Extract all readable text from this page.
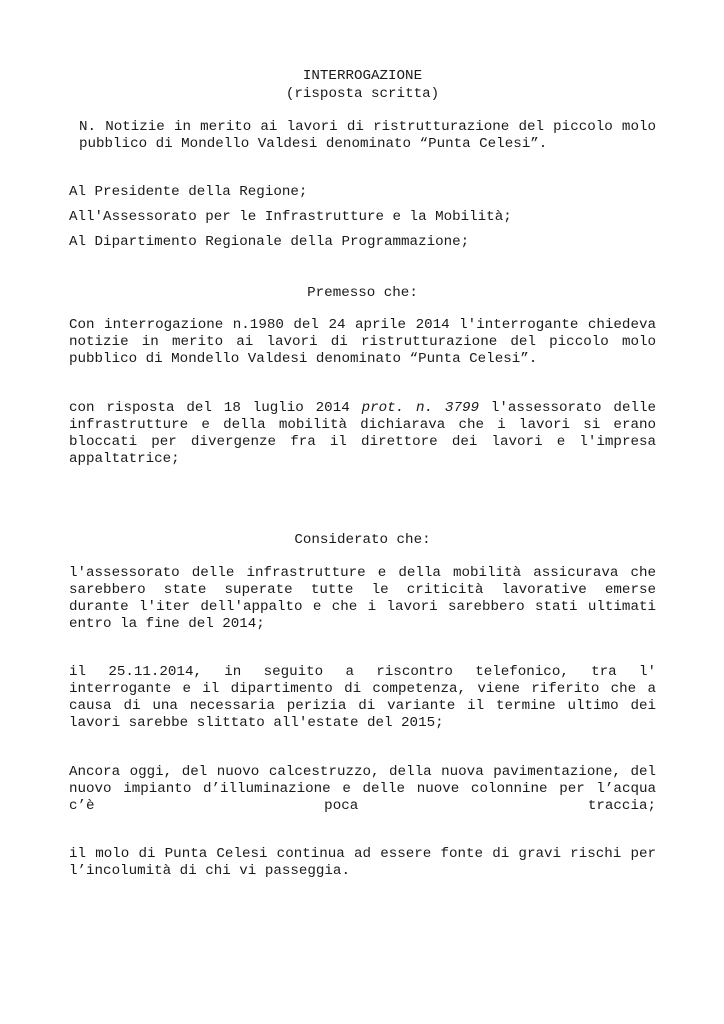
INTERROGAZIONE
(risposta scritta)

N. Notizie in merito ai lavori di ristrutturazione del piccolo molo pubblico di Mondello Valdesi denominato “Punta Celesi”.

Al Presidente della Regione;
All'Assessorato per le Infrastrutture e la Mobilità;
Al Dipartimento Regionale della Programmazione;
Premesso che:

Con interrogazione n.1980 del 24 aprile 2014 l'interrogante chiedeva notizie in merito ai lavori di ristrutturazione del piccolo molo pubblico di Mondello Valdesi denominato “Punta Celesi”.

con risposta del 18 luglio 2014 prot. n. 3799 l'assessorato delle infrastrutture e della mobilità dichiarava che i lavori si erano bloccati per divergenze fra il direttore dei lavori e l'impresa appaltatrice;

Considerato che:

l'assessorato delle infrastrutture e della mobilità assicurava che sarebbero state superate tutte le criticità lavorative emerse durante l'iter dell'appalto e che i lavori sarebbero stati ultimati entro la fine del 2014;

il 25.11.2014, in seguito a riscontro telefonico, tra l' interrogante e il dipartimento di competenza, viene riferito che a causa di una necessaria perizia di variante il termine ultimo dei lavori sarebbe slittato all'estate del 2015;

Ancora oggi, del nuovo calcestruzzo, della nuova pavimentazione, del nuovo impianto d’illuminazione e delle nuove colonnine per l’acqua c’è poca traccia;

il molo di Punta Celesi continua ad essere fonte di gravi rischi per l’incolumità di chi vi passeggia.
